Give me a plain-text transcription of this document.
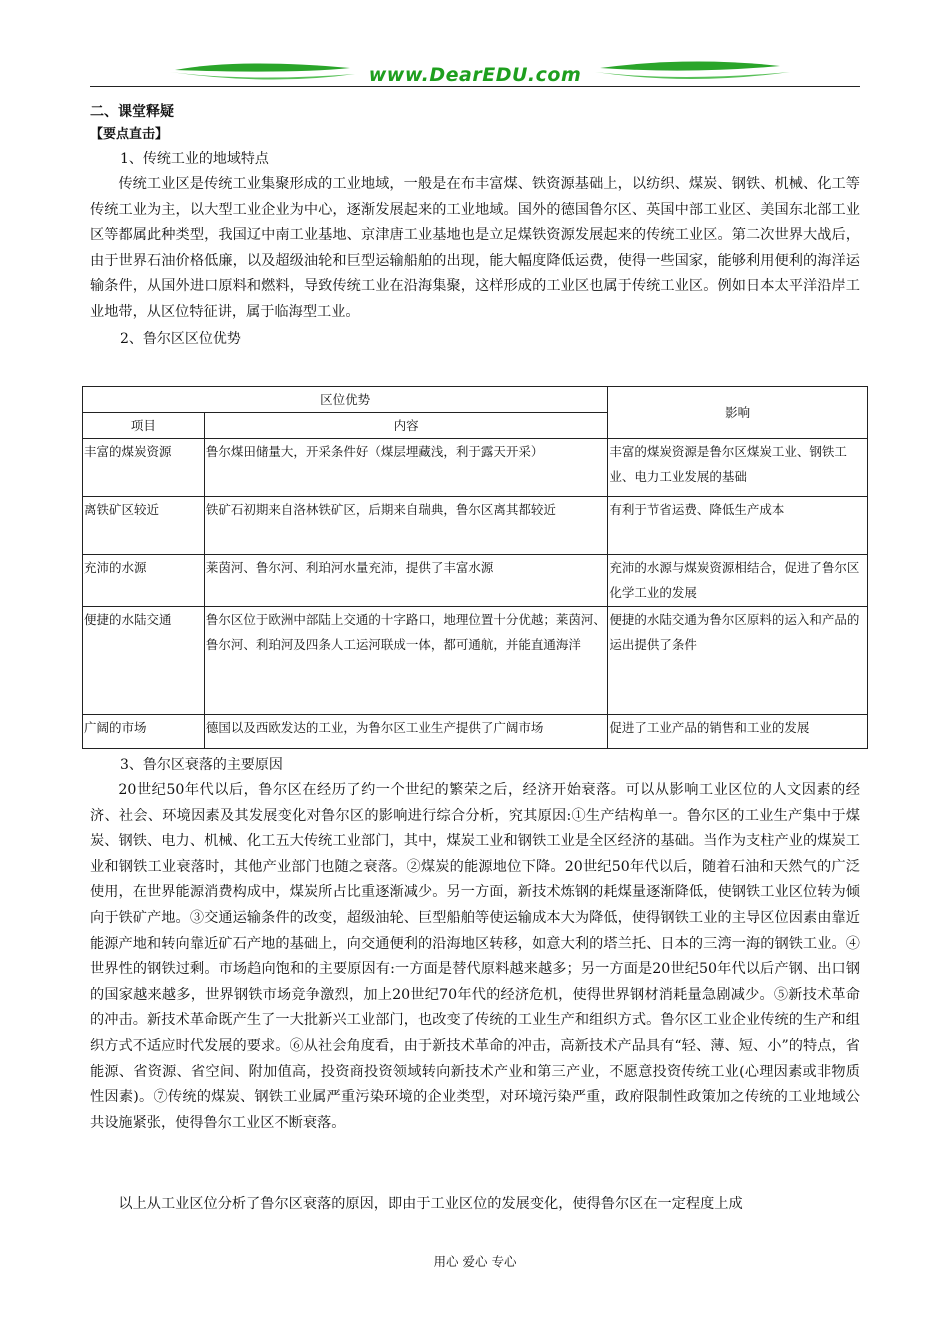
www.DearEDU.com
二、课堂释疑
【要点直击】
1、传统工业的地域特点

传统工业区是传统工业集聚形成的工业地域，一般是在布丰富煤、铁资源基础上，以纺织、煤炭、钢铁、机械、化工等传统工业为主，以大型工业企业为中心，逐渐发展起来的工业地域。国外的德国鲁尔区、英国中部工业区、美国东北部工业区等都属此种类型，我国辽中南工业基地、京津唐工业基地也是立足煤铁资源发展起来的传统工业区。第二次世界大战后，由于世界石油价格低廉，以及超级油轮和巨型运输船舶的出现，能大幅度降低运费，使得一些国家，能够利用便利的海洋运输条件，从国外进口原料和燃料，导致传统工业在沿海集聚，这样形成的工业区也属于传统工业区。例如日本太平洋沿岸工业地带，从区位特征讲，属于临海型工业。

2、鲁尔区区位优势
区位优势		影响
项目	内容	
丰富的煤炭资源	鲁尔煤田储量大，开采条件好（煤层埋藏浅，利于露天开采）	丰富的煤炭资源是鲁尔区煤炭工业、钢铁工业、电力工业发展的基础
离铁矿区较近	铁矿石初期来自洛林铁矿区，后期来自瑞典，鲁尔区离其都较近	有利于节省运费、降低生产成本
充沛的水源	莱茵河、鲁尔河、利珀河水量充沛，提供了丰富水源	充沛的水源与煤炭资源相结合，促进了鲁尔区化学工业的发展
便捷的水陆交通	鲁尔区位于欧洲中部陆上交通的十字路口，地理位置十分优越；莱茵河、鲁尔河、利珀河及四条人工运河联成一体，都可通航，并能直通海洋	便捷的水陆交通为鲁尔区原料的运入和产品的运出提供了条件
广阔的市场	德国以及西欧发达的工业，为鲁尔区工业生产提供了广阔市场	促进了工业产品的销售和工业的发展
3、鲁尔区衰落的主要原因

20世纪50年代以后，鲁尔区在经历了约一个世纪的繁荣之后，经济开始衰落。可以从影响工业区位的人文因素的经济、社会、环境因素及其发展变化对鲁尔区的影响进行综合分析，究其原因:①生产结构单一。鲁尔区的工业生产集中于煤炭、钢铁、电力、机械、化工五大传统工业部门，其中，煤炭工业和钢铁工业是全区经济的基础。当作为支柱产业的煤炭工业和钢铁工业衰落时，其他产业部门也随之衰落。②煤炭的能源地位下降。20世纪50年代以后，随着石油和天然气的广泛使用，在世界能源消费构成中，煤炭所占比重逐渐减少。另一方面，新技术炼钢的耗煤量逐渐降低，使钢铁工业区位转为倾向于铁矿产地。③交通运输条件的改变，超级油轮、巨型船舶等使运输成本大为降低，使得钢铁工业的主导区位因素由靠近能源产地和转向靠近矿石产地的基础上，向交通便利的沿海地区转移，如意大利的塔兰托、日本的三湾一海的钢铁工业。④世界性的钢铁过剩。市场趋向饱和的主要原因有:一方面是替代原料越来越多；另一方面是20世纪50年代以后产钢、出口钢的国家越来越多，世界钢铁市场竞争激烈，加上20世纪70年代的经济危机，使得世界钢材消耗量急剧减少。⑤新技术革命的冲击。新技术革命既产生了一大批新兴工业部门，也改变了传统的工业生产和组织方式。鲁尔区工业企业传统的生产和组织方式不适应时代发展的要求。⑥从社会角度看，由于新技术革命的冲击，高新技术产品具有“轻、薄、短、小”的特点，省能源、省资源、省空间、附加值高，投资商投资领域转向新技术产业和第三产业，不愿意投资传统工业(心理因素或非物质性因素)。⑦传统的煤炭、钢铁工业属严重污染环境的企业类型，对环境污染严重，政府限制性政策加之传统的工业地域公共设施紧张，使得鲁尔工业区不断衰落。

以上从工业区位分析了鲁尔区衰落的原因，即由于工业区位的发展变化，使得鲁尔区在一定程度上成

用心 爱心 专心
